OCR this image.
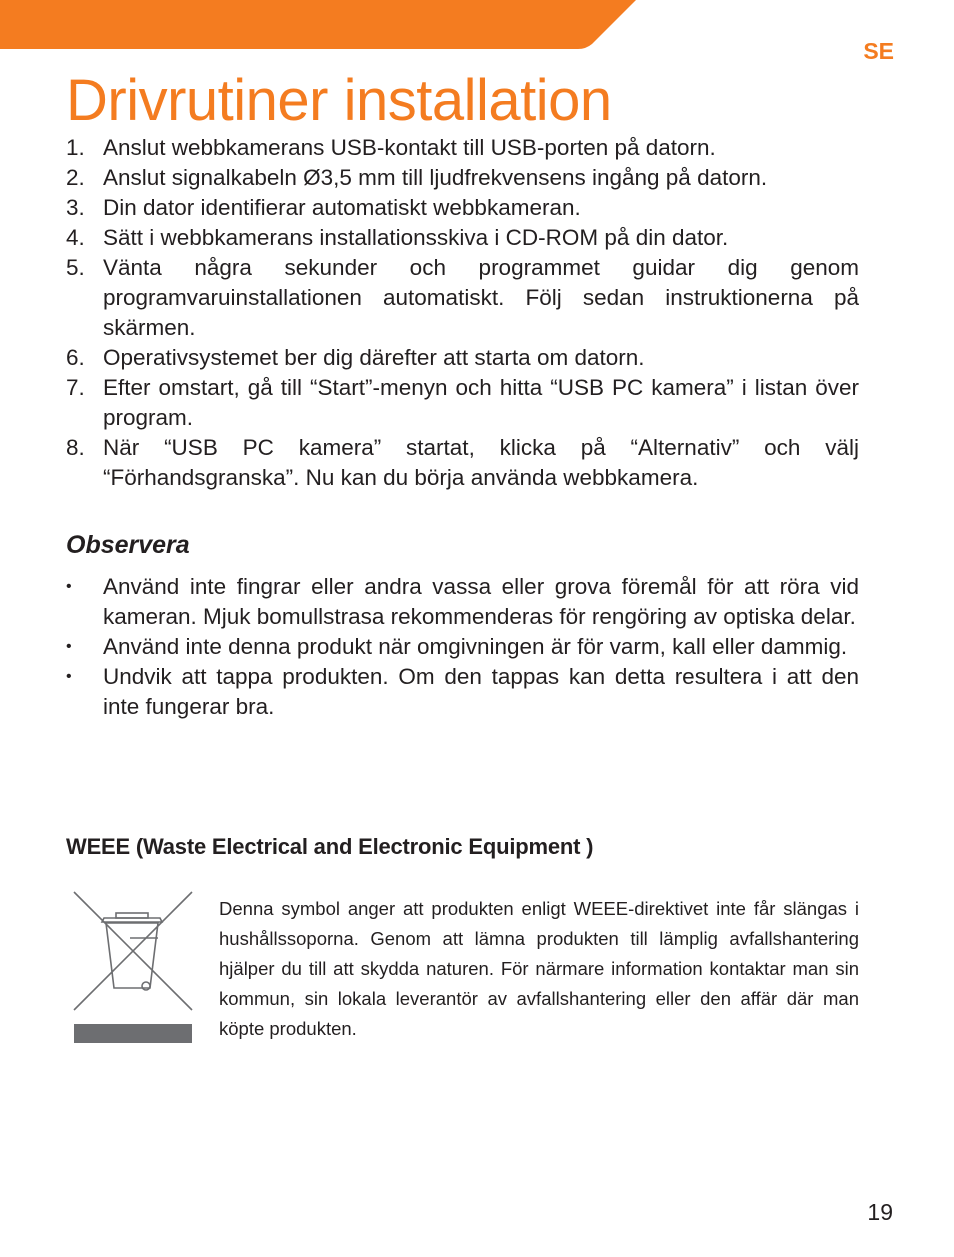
SE
Drivrutiner installation
1. Anslut webbkamerans USB-kontakt till USB-porten på datorn.
2. Anslut signalkabeln Ø3,5 mm till ljudfrekvensens ingång på datorn.
3. Din dator identifierar automatiskt webbkameran.
4. Sätt i webbkamerans installationsskiva i CD-ROM på din dator.
5. Vänta några sekunder och programmet guidar dig genom programvaruinstallationen automatiskt. Följ sedan instruktionerna på skärmen.
6. Operativsystemet ber dig därefter att starta om datorn.
7. Efter omstart, gå till “Start”-menyn och hitta “USB PC kamera” i listan över program.
8. När “USB PC kamera” startat, klicka på “Alternativ” och välj “Förhandsgranska”. Nu kan du börja använda webbkamera.
Observera
•	Använd inte fingrar eller andra vassa eller grova föremål för att röra vid kameran. Mjuk bomullstrasa rekommenderas för rengöring av optiska delar.
•	Använd inte denna produkt när omgivningen är för varm, kall eller dammig.
•	Undvik att tappa produkten. Om den tappas kan detta resultera i att den inte fungerar bra.
WEEE (Waste Electrical and Electronic Equipment )

Denna symbol anger att produkten enligt WEEE-direktivet inte får slängas i hushållssoporna. Genom att lämna produkten till lämplig avfallshantering hjälper du till att skydda naturen. För närmare information kontaktar man sin kommun, sin lokala leverantör av avfallshantering eller den affär där man köpte produkten.

19
